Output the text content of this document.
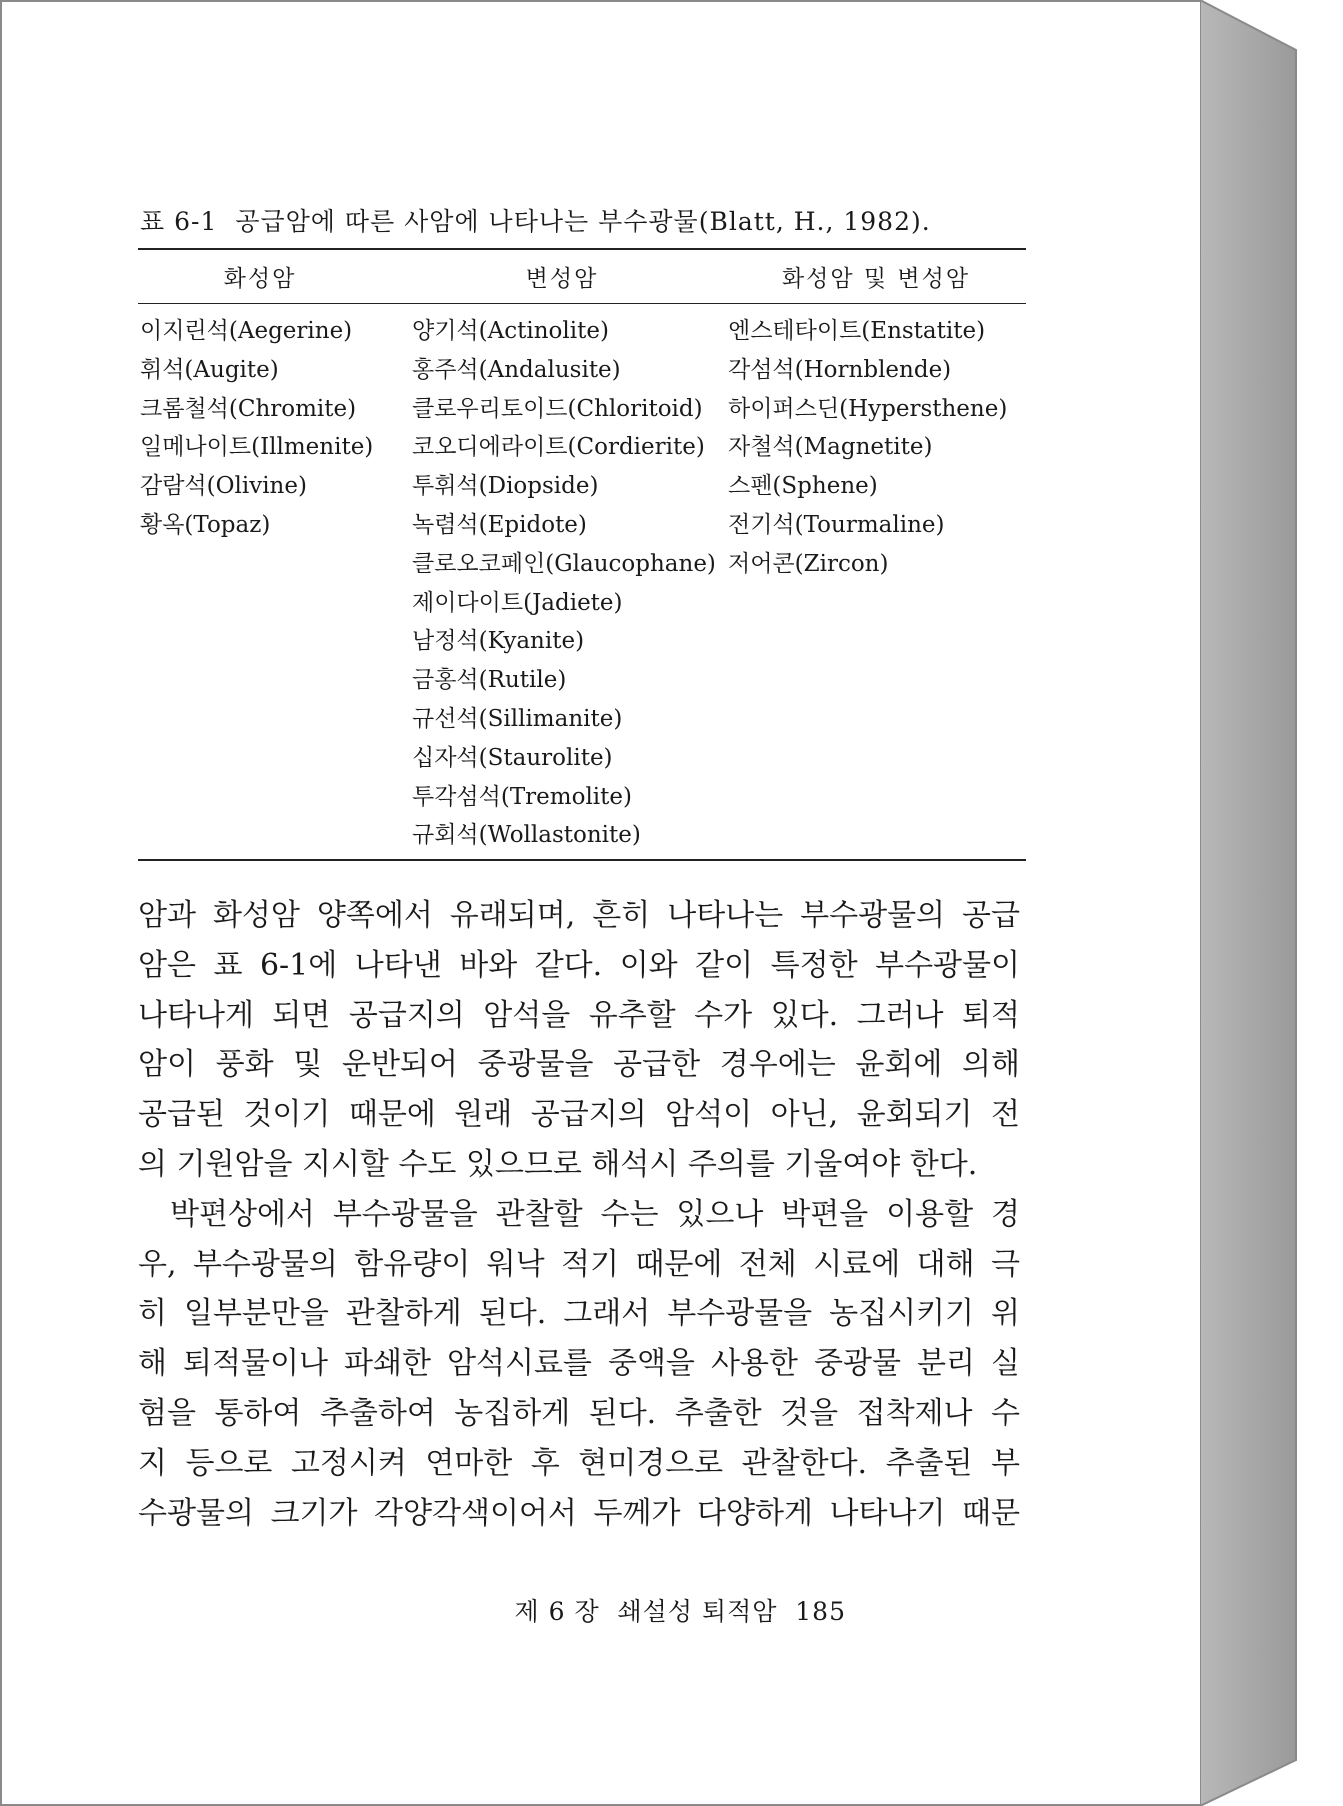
표 6-1 공급암에 따른 사암에 나타나는 부수광물(Blatt, H., 1982).
화성암	변성암	화성암 및 변성암
이지린석(Aegerine)
휘석(Augite)
크롬철석(Chromite)
일메나이트(Illmenite)
감람석(Olivine)
황옥(Topaz)
양기석(Actinolite)
홍주석(Andalusite)
클로우리토이드(Chloritoid)
코오디에라이트(Cordierite)
투휘석(Diopside)
녹렴석(Epidote)
클로오코페인(Glaucophane)
제이다이트(Jadiete)
남정석(Kyanite)
금홍석(Rutile)
규선석(Sillimanite)
십자석(Staurolite)
투각섬석(Tremolite)
규회석(Wollastonite)
엔스테타이트(Enstatite)
각섬석(Hornblende)
하이퍼스딘(Hypersthene)
자철석(Magnetite)
스펜(Sphene)
전기석(Tourmaline)
저어콘(Zircon)
암과 화성암 양쪽에서 유래되며, 흔히 나타나는 부수광물의 공급
암은 표 6-1에 나타낸 바와 같다. 이와 같이 특정한 부수광물이
나타나게 되면 공급지의 암석을 유추할 수가 있다. 그러나 퇴적
암이 풍화 및 운반되어 중광물을 공급한 경우에는 윤회에 의해
공급된 것이기 때문에 원래 공급지의 암석이 아닌, 윤회되기 전
의 기원암을 지시할 수도 있으므로 해석시 주의를 기울여야 한다.
박편상에서 부수광물을 관찰할 수는 있으나 박편을 이용할 경
우, 부수광물의 함유량이 워낙 적기 때문에 전체 시료에 대해 극
히 일부분만을 관찰하게 된다. 그래서 부수광물을 농집시키기 위
해 퇴적물이나 파쇄한 암석시료를 중액을 사용한 중광물 분리 실
험을 통하여 추출하여 농집하게 된다. 추출한 것을 접착제나 수
지 등으로 고정시켜 연마한 후 현미경으로 관찰한다. 추출된 부
수광물의 크기가 각양각색이어서 두께가 다양하게 나타나기 때문
제 6 장 쇄설성 퇴적암 185
